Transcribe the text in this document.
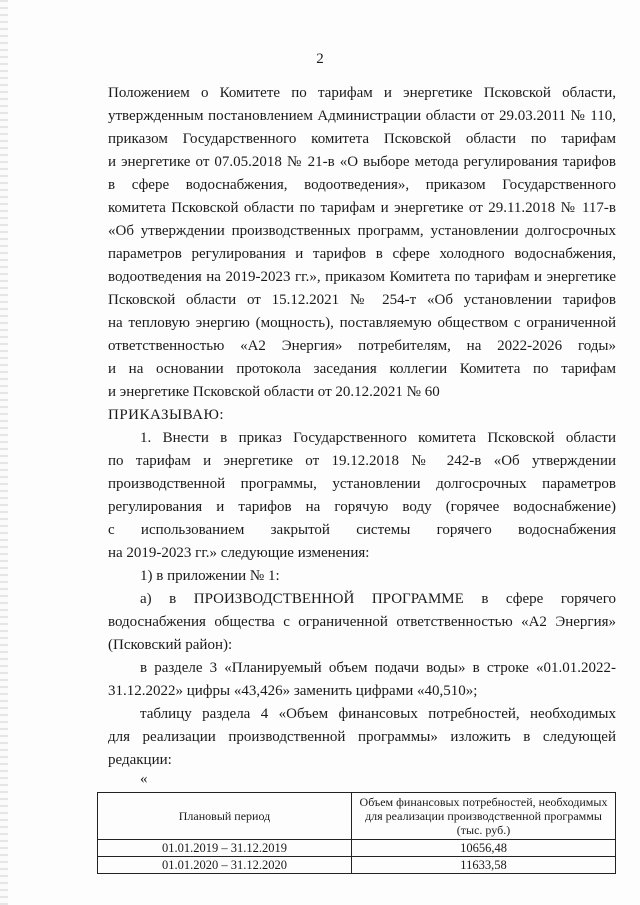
2
Положением о Комитете по тарифам и энергетике Псковской области,
утвержденным постановлением Администрации области от 29.03.2011 № 110,
приказом Государственного комитета Псковской области по тарифам
и энергетике от 07.05.2018 № 21-в «О выборе метода регулирования тарифов
в сфере водоснабжения, водоотведения», приказом Государственного
комитета Псковской области по тарифам и энергетике от 29.11.2018 № 117-в
«Об утверждении производственных программ, установлении долгосрочных
параметров регулирования и тарифов в сфере холодного водоснабжения,
водоотведения на 2019-2023 гг.», приказом Комитета по тарифам и энергетике
Псковской области от 15.12.2021 № 254-т «Об установлении тарифов
на тепловую энергию (мощность), поставляемую обществом с ограниченной
ответственностью «А2 Энергия» потребителям, на 2022-2026 годы»
и на основании протокола заседания коллегии Комитета по тарифам
и энергетике Псковской области от 20.12.2021 № 60
ПРИКАЗЫВАЮ:
1. Внести в приказ Государственного комитета Псковской области
по тарифам и энергетике от 19.12.2018 № 242-в «Об утверждении
производственной программы, установлении долгосрочных параметров
регулирования и тарифов на горячую воду (горячее водоснабжение)
с использованием закрытой системы горячего водоснабжения
на 2019-2023 гг.» следующие изменения:
1) в приложении № 1:
а) в ПРОИЗВОДСТВЕННОЙ ПРОГРАММЕ в сфере горячего
водоснабжения общества с ограниченной ответственностью «А2 Энергия»
(Псковский район):
в разделе 3 «Планируемый объем подачи воды» в строке «01.01.2022-
31.12.2022» цифры «43,426» заменить цифрами «40,510»;
таблицу раздела 4 «Объем финансовых потребностей, необходимых
для реализации производственной программы» изложить в следующей
редакции:
«
Плановый период	Объем финансовых потребностей, необходимых для реализации производственной программы (тыс. руб.)
01.01.2019 – 31.12.2019	10656,48
01.01.2020 – 31.12.2020	11633,58
